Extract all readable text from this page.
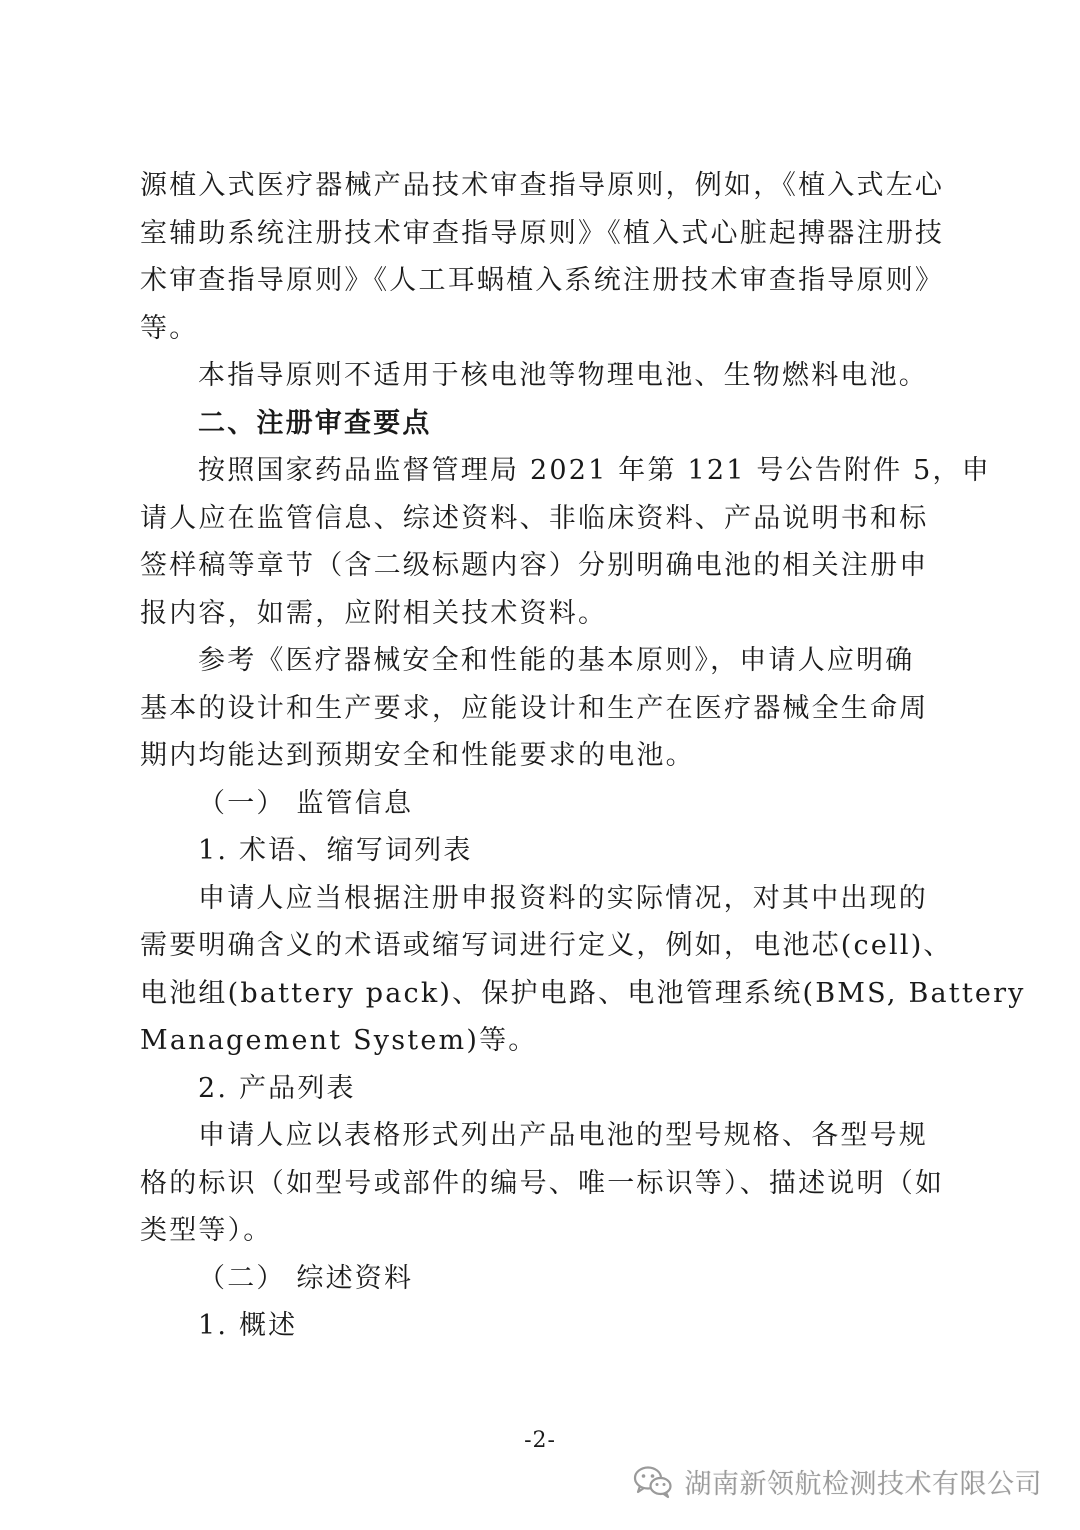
源植入式医疗器械产品技术审查指导原则，例如，《植入式左心

室辅助系统注册技术审查指导原则》《植入式心脏起搏器注册技

术审查指导原则》《人工耳蜗植入系统注册技术审查指导原则》

等。

本指导原则不适用于核电池等物理电池、生物燃料电池。

二、注册审查要点

按照国家药品监督管理局 2021 年第 121 号公告附件 5，申

请人应在监管信息、综述资料、非临床资料、产品说明书和标

签样稿等章节（含二级标题内容）分别明确电池的相关注册申

报内容，如需，应附相关技术资料。

参考《医疗器械安全和性能的基本原则》，申请人应明确

基本的设计和生产要求，应能设计和生产在医疗器械全生命周

期内均能达到预期安全和性能要求的电池。

（一） 监管信息

1. 术语、缩写词列表

申请人应当根据注册申报资料的实际情况，对其中出现的

需要明确含义的术语或缩写词进行定义，例如，电池芯(cell)、

电池组(battery pack)、保护电路、电池管理系统(BMS, Battery

Management System)等。

2. 产品列表

申请人应以表格形式列出产品电池的型号规格、各型号规

格的标识（如型号或部件的编号、唯一标识等）、描述说明（如

类型等）。

（二） 综述资料

1. 概述

-2-
湖南新领航检测技术有限公司
